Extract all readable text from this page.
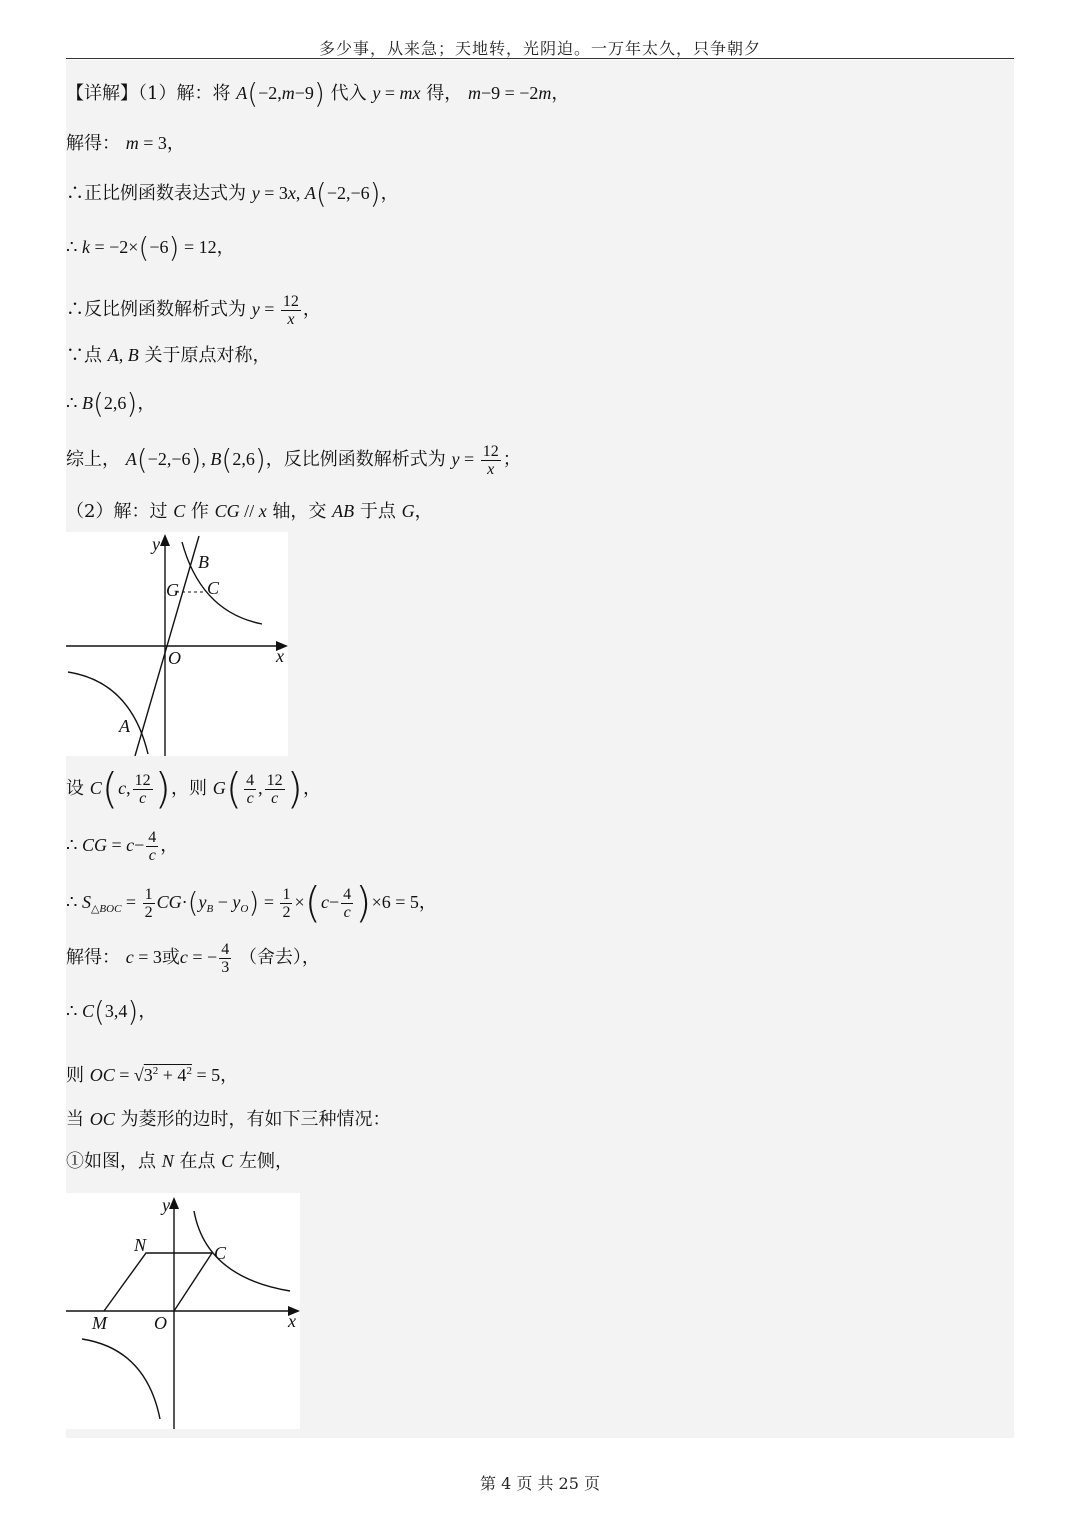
多少事，从来急；天地转，光阴迫。一万年太久，只争朝夕
【详解】（1）解：将 A(−2,m−9) 代入 y = mx 得， m−9 = −2m，
解得： m = 3，
∴正比例函数表达式为 y = 3x, A(−2,−6)，
∴ k = −2×(−6) = 12，
∴反比例函数解析式为 $y = \frac{12}{x}$ ，
∵点 A, B 关于原点对称，
∴ B(2,6)，
综上， A(−2,−6), B(2,6)，反比例函数解析式为 $y = \frac{12}{x}$ ；
（2）解：过 C 作 CG // x 轴，交 AB 于点 G，
y
x
O
B
C
G
A
设 C(c, $\frac{12}{c}$ )，则 $G( \frac{4}{c}$ , $\frac{12}{c}$ )，
∴ CG = $c- \frac{4}{c}$ ，
∴ $S_{\triangle BOC} = \frac{1}{2} CG\cdot(y_B - y_O) = \frac{1}{2} \times(c- \frac{4}{c} )\times 6 = 5$，
解得： c = 3或c = − $\frac{4}{3}$ （舍去），
∴ C(3,4)，
则 OC = $√3^2 + 4^2 = 5$，
当 OC 为菱形的边时，有如下三种情况：
①如图，点 N 在点 C 左侧，
y
x
O
N	C
M
第 4 页 共 25 页
